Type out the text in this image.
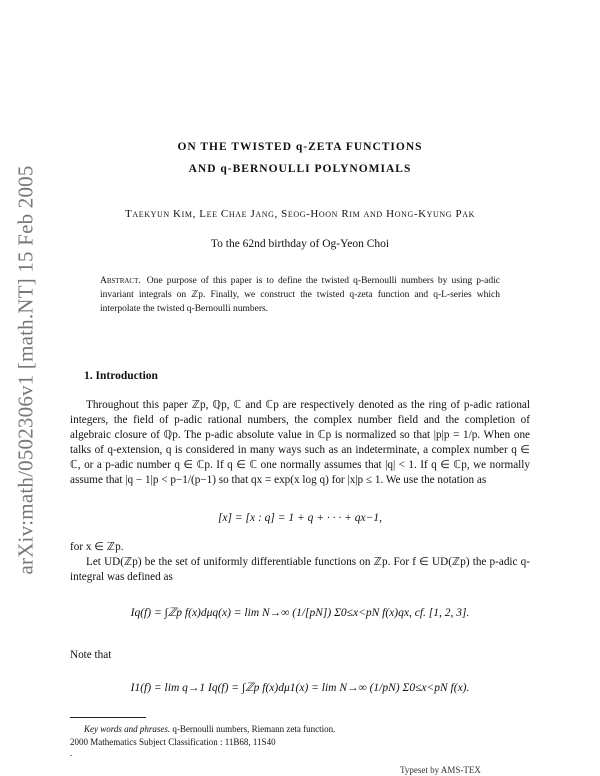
arXiv:math/0502306v1 [math.NT] 15 Feb 2005
ON THE TWISTED q-ZETA FUNCTIONS
AND q-BERNOULLI POLYNOMIALS
Taekyun Kim, Lee Chae Jang, Seog-Hoon Rim and Hong-Kyung Pak
To the 62nd birthday of Og-Yeon Choi
Abstract. One purpose of this paper is to define the twisted q-Bernoulli numbers by using p-adic invariant integrals on ℤp. Finally, we construct the twisted q-zeta function and q-L-series which interpolate the twisted q-Bernoulli numbers.
1. Introduction
Throughout this paper ℤp, ℚp, ℂ and ℂp are respectively denoted as the ring of p-adic rational integers, the field of p-adic rational numbers, the complex number field and the completion of algebraic closure of ℚp. The p-adic absolute value in ℂp is normalized so that |p|p = 1/p. When one talks of q-extension, q is considered in many ways such as an indeterminate, a complex number q ∈ ℂ, or a p-adic number q ∈ ℂp. If q ∈ ℂ one normally assumes that |q| < 1. If q ∈ ℂp, we normally assume that |q − 1|p < p−1/(p−1) so that qx = exp(x log q) for |x|p ≤ 1. We use the notation as
[x] = [x : q] = 1 + q + · · · + qx−1,
for x ∈ ℤp.
Let UD(ℤp) be the set of uniformly differentiable functions on ℤp. For f ∈ UD(ℤp) the p-adic q-integral was defined as
Iq(f) = ∫ℤp f(x)dμq(x) = lim N→∞ (1/[pN]) Σ0≤x<pN f(x)qx, cf. [1, 2, 3].
Note that
I1(f) = lim q→1 Iq(f) = ∫ℤp f(x)dμ1(x) = lim N→∞ (1/pN) Σ0≤x<pN f(x).
Key words and phrases. q-Bernoulli numbers, Riemann zeta function.
2000 Mathematics Subject Classification : 11B68, 11S40
.
Typeset by AMS-TEX
